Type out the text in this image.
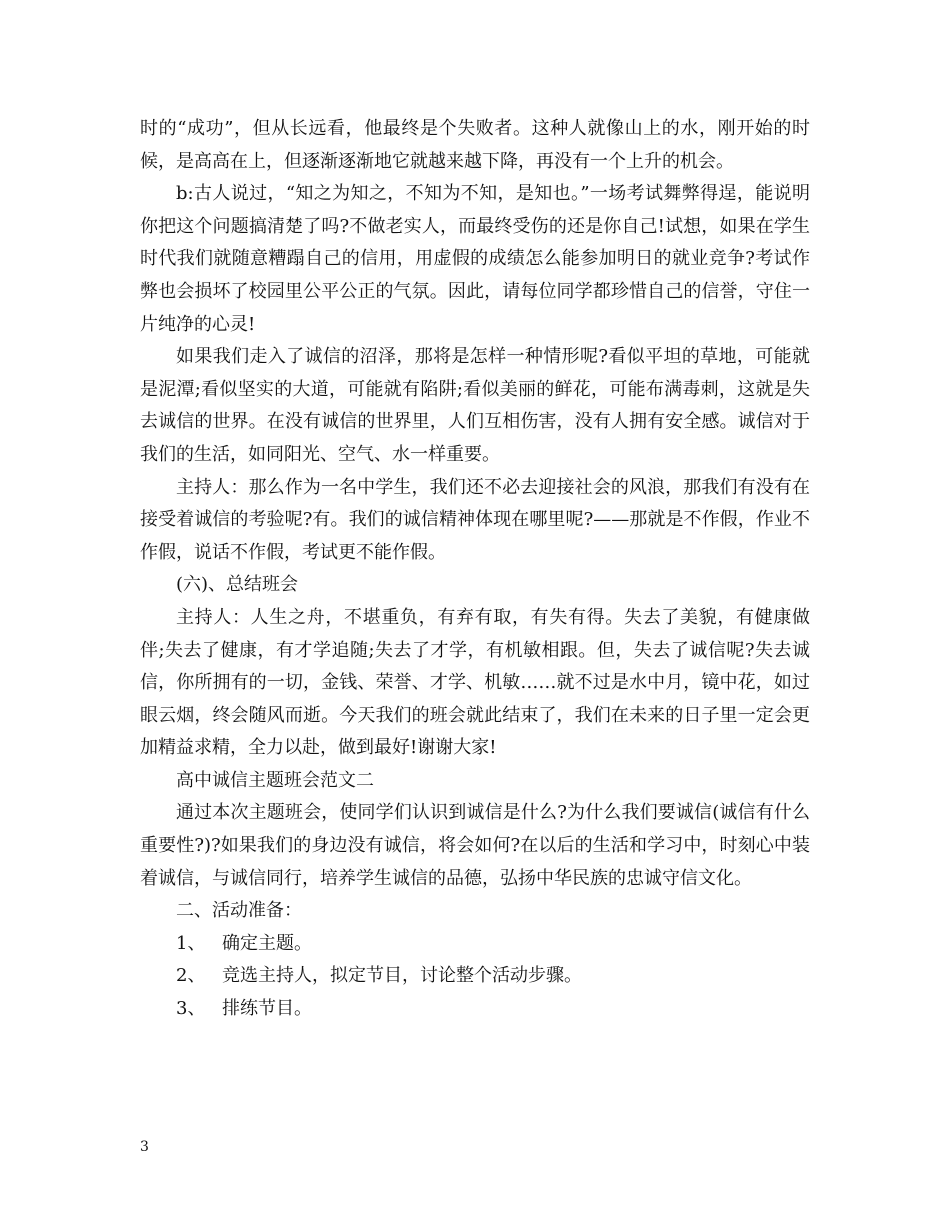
时的“成功”，但从长远看，他最终是个失败者。这种人就像山上的水，刚开始的时候，是高高在上，但逐渐逐渐地它就越来越下降，再没有一个上升的机会。

b:古人说过，“知之为知之，不知为不知，是知也。”一场考试舞弊得逞，能说明你把这个问题搞清楚了吗?不做老实人，而最终受伤的还是你自己!试想，如果在学生时代我们就随意糟蹋自己的信用，用虚假的成绩怎么能参加明日的就业竞争?考试作弊也会损坏了校园里公平公正的气氛。因此，请每位同学都珍惜自己的信誉，守住一片纯净的心灵!

如果我们走入了诚信的沼泽，那将是怎样一种情形呢?看似平坦的草地，可能就是泥潭;看似坚实的大道，可能就有陷阱;看似美丽的鲜花，可能布满毒刺，这就是失去诚信的世界。在没有诚信的世界里，人们互相伤害，没有人拥有安全感。诚信对于我们的生活，如同阳光、空气、水一样重要。

主持人：那么作为一名中学生，我们还不必去迎接社会的风浪，那我们有没有在接受着诚信的考验呢?有。我们的诚信精神体现在哪里呢?——那就是不作假，作业不作假，说话不作假，考试更不能作假。

(六)、总结班会

主持人：人生之舟，不堪重负，有弃有取，有失有得。失去了美貌，有健康做伴;失去了健康，有才学追随;失去了才学，有机敏相跟。但，失去了诚信呢?失去诚信，你所拥有的一切，金钱、荣誉、才学、机敏……就不过是水中月，镜中花，如过眼云烟，终会随风而逝。今天我们的班会就此结束了，我们在未来的日子里一定会更加精益求精，全力以赴，做到最好!谢谢大家!

高中诚信主题班会范文二

通过本次主题班会，使同学们认识到诚信是什么?为什么我们要诚信(诚信有什么重要性?)?如果我们的身边没有诚信，将会如何?在以后的生活和学习中，时刻心中装着诚信，与诚信同行，培养学生诚信的品德，弘扬中华民族的忠诚守信文化。

二、活动准备：

1、 确定主题。

2、 竞选主持人，拟定节目，讨论整个活动步骤。

3、 排练节目。

3
